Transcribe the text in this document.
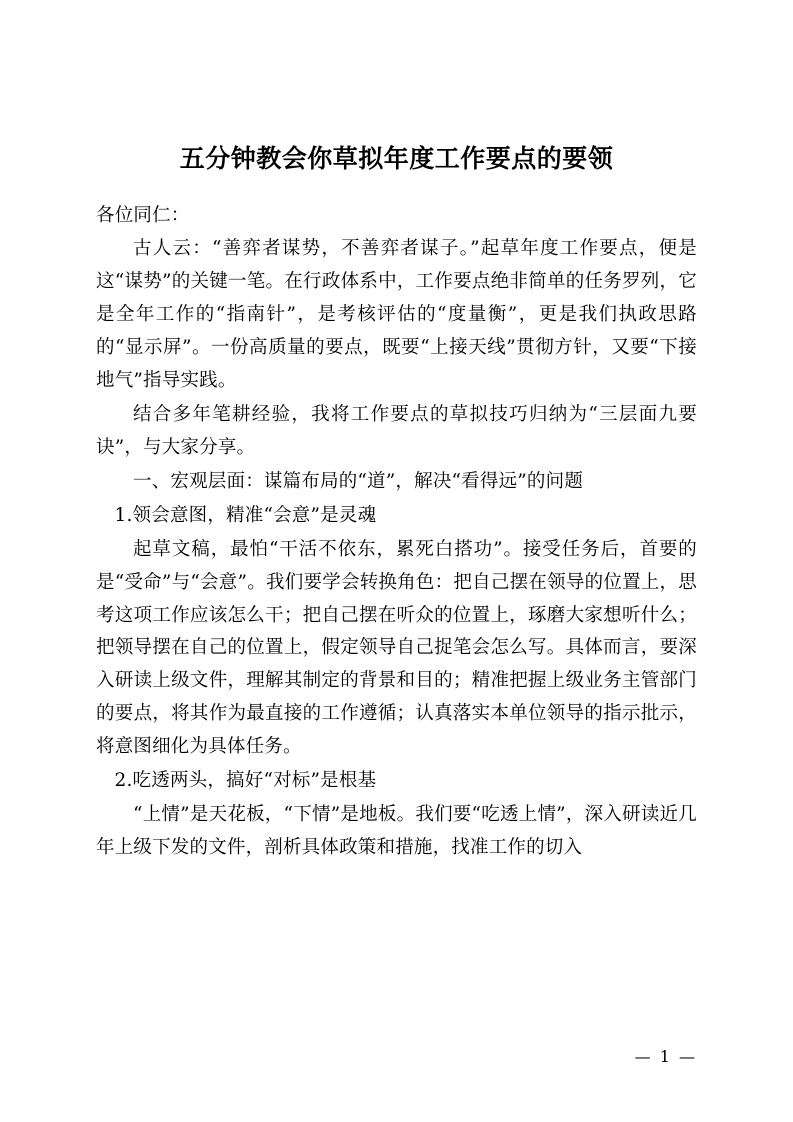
五分钟教会你草拟年度工作要点的要领

各位同仁：

古人云：“善弈者谋势，不善弈者谋子。”起草年度工作要点，便是这“谋势”的关键一笔。在行政体系中，工作要点绝非简单的任务罗列，它是全年工作的“指南针”，是考核评估的“度量衡”，更是我们执政思路的“显示屏”。一份高质量的要点，既要“上接天线”贯彻方针，又要“下接地气”指导实践。

结合多年笔耕经验，我将工作要点的草拟技巧归纳为“三层面九要诀”，与大家分享。

一、宏观层面：谋篇布局的“道”，解决“看得远”的问题

1.领会意图，精准“会意”是灵魂

起草文稿，最怕“干活不依东，累死白搭功”。接受任务后，首要的是“受命”与“会意”。我们要学会转换角色：把自己摆在领导的位置上，思考这项工作应该怎么干；把自己摆在听众的位置上，琢磨大家想听什么；把领导摆在自己的位置上，假定领导自己捉笔会怎么写。具体而言，要深入研读上级文件，理解其制定的背景和目的；精准把握上级业务主管部门的要点，将其作为最直接的工作遵循；认真落实本单位领导的指示批示，将意图细化为具体任务。

2.吃透两头，搞好“对标”是根基

“上情”是天花板，“下情”是地板。我们要“吃透上情”，深入研读近几年上级下发的文件，剖析具体政策和措施，找准工作的切入

— 1 —
